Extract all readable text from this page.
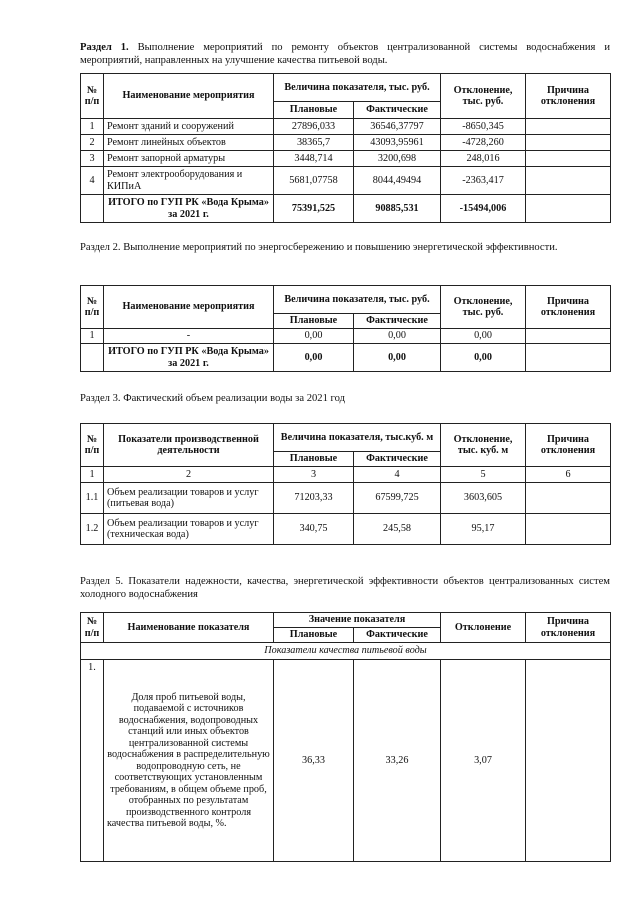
Раздел 1. Выполнение мероприятий по ремонту объектов централизованной системы водоснабжения и мероприятий, направленных на улучшение качества питьевой воды.

№ п/п	Наименование мероприятия	Величина показателя, тыс. руб.		Отклонение, тыс. руб.	Причина отклонения
		Плановые	Фактические		
1	Ремонт зданий и сооружений	27896,033	36546,37797	-8650,345	
2	Ремонт линейных объектов	38365,7	43093,95961	-4728,260	
3	Ремонт запорной арматуры	3448,714	3200,698	248,016	
4	Ремонт электрооборудования и КИПиА	5681,07758	8044,49494	-2363,417	
	ИТОГО по ГУП РК «Вода Крыма» за 2021 г.	75391,525	90885,531	-15494,006	

Раздел 2. Выполнение мероприятий по энергосбережению и повышению энергетической эффективности.

№ п/п	Наименование мероприятия	Величина показателя, тыс. руб.		Отклонение, тыс. руб.	Причина отклонения
		Плановые	Фактические		
1	-	0,00	0,00	0,00	
	ИТОГО по ГУП РК «Вода Крыма» за 2021 г.	0,00	0,00	0,00	

Раздел 3. Фактический объем реализации воды за 2021 год

№ п/п	Показатели производственной деятельности	Величина показателя, тыс.куб. м		Отклонение, тыс. куб. м	Причина отклонения
		Плановые	Фактические		
1	2	3	4	5	6
1.1	Объем реализации товаров и услуг (питьевая вода)	71203,33	67599,725	3603,605	
1.2	Объем реализации товаров и услуг (техническая вода)	340,75	245,58	95,17	

Раздел 5. Показатели надежности, качества, энергетической эффективности объектов централизованных систем холодного водоснабжения

№ п/п	Наименование показателя	Значение показателя		Отклонение	Причина отклонения
		Плановые	Фактические		
Показатели качества питьевой воды					
1.	Доля проб питьевой воды, подаваемой с источников водоснабжения, водопроводных станций или иных объектов централизованной системы водоснабжения в распределительную водопроводную сеть, не соответствующих установленным требованиям, в общем объеме проб, отобранных по результатам производственного контроля качества питьевой воды, %.	36,33	33,26	3,07	
